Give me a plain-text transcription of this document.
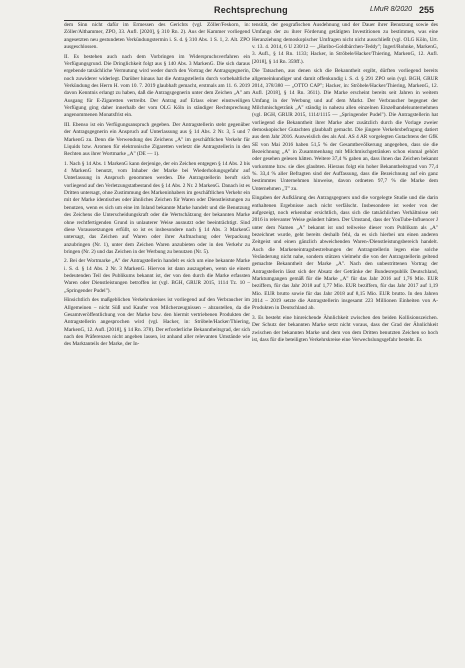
Rechtsprechung	LMuR 8/2020 255

dem Sinn nicht dafür im Ermessen des Gerichts (vgl. Zöller/Feskorn, in: Zöller/Althammer, ZPO, 33. Aufl. [2020], § 310 Rn. 2). Aus der Kammer vorliegend angesetzten neu gestundeten Verkündungstermin i. S. d. § 310 Abs. 1 S. 1, 2. Alt. ZPO ausgeschlossen.

II. Es bestehen auch nach dem Vorbringen im Widerspruchsverfahren ein Verfügungsgrund. Die Dringlichkeit folgt aus § 140 Abs. 3 MarkenG. Die sich daraus ergebende tatsächliche Vermutung wird weder durch den Vortrag der Antragsgegnerin, noch zuwiderer widerlegt. Darüber hinaus hat die Antragstellerin durch vorbehaltliche Verkündung des Herrn H. vom 10. 7. 2019 glaubhaft gemacht, erstmals am 11. 6. 2019 davon Kenntnis erlangt zu haben, daß die Antragsgegnerin unter dem Zeichen „A" am Ausgang für E-Zigaretten vertreibt. Der Antrag auf Erlass einer einstweiligen Verfügung ging daher innerhalb der vom OLG Köln in ständiger Rechtsprechung angenommenen Monatsfrist ein.

III. Ebenso ist ein Verfügungsanspruch gegeben. Der Antragstellerin steht gegenüber der Antragsgegnerin ein Anspruch auf Unterlassung aus § 14 Abs. 2 Nr. 3, 5 und 7 MarkenG zu. Denn die Verwendung des Zeichens „A" im geschäftlichen Verkehr für Liquids bzw. Aromen für elektronische Zigaretten verletzt die Antragstellerin in den Rechten aus ihrer Wortmarke „A" (DE — 1).

1. Nach § 14 Abs. 1 MarkenG kann derjenige, der ein Zeichen entgegen § 14 Abs. 2 bis 4 MarkenG benutzt, vom Inhaber der Marke bei Wiederholungsgefahr auf Unterlassung in Anspruch genommen werden. Die Antragstellerin beruft sich vorliegend auf den Verletzungstatbestand des § 14 Abs. 2 Nr. 2 MarkenG. Danach ist es Dritten untersagt, ohne Zustimmung des Markeninhabers im geschäftlichen Verkehr ein mit der Marke identisches oder ähnliches Zeichen für Waren oder Dienstleistungen zu benutzen, wenn es sich um eine im Inland bekannte Marke handelt und die Benutzung des Zeichens die Unterscheidungskraft oder die Wertschätzung der bekannten Marke ohne rechtfertigenden Grund in unlauterer Weise ausnutzt oder beeinträchtigt. Sind diese Voraussetzungen erfüllt, so ist es insbesondere nach § 14 Abs. 3 MarkenG untersagt, das Zeichen auf Waren oder ihrer Aufmachung oder Verpackung anzubringen (Nr. 1), unter dem Zeichen Waren anzubieten oder in den Verkehr zu bringen (Nr. 2) und das Zeichen in der Werbung zu benutzen (Nr. 5).

2. Bei der Wortmarke „A" der Antragstellerin handelt es sich um eine bekannte Marke i. S. d. § 14 Abs. 2 Nr. 3 MarkenG. Hiervon ist dann auszugehen, wenn sie einem bedeutenden Teil des Publikums bekannt ist, der von den durch die Marke erfassten Waren oder Dienstleistungen betroffen ist (vgl. BGH, GRUR 2015, 1114 Tz. 10 – „Springender Pudel").

Hinsichtlich des maßgeblichen Verkehrskreises ist vorliegend auf den Verbraucher im Allgemeinen – nicht Süß und Kaufer von Milcherzeugnissen – abzustellen, da die Gesamtveröffentlichung von der Marke bzw. den hiermit vertriebenen Produkten der Antragstellerin angesprochen wird (vgl. Hacker, in: Ströbele/Hacker/Thiering, MarkenG, 12. Aufl. [2018], § 14 Rn. 378). Der erforderliche Bekanntheitsgrad, der sich nach den Präferenzen nicht angeben lassen, ist anhand aller relevanten Umstände wie des Marktanteils der Marke, der In-

tensität, der geografischen Ausdehnung und der Dauer ihrer Benutzung sowie des Umfangs der zu ihrer Förderung getätigten Investitionen zu bestimmen, was eine Heranziehung demoskopischer Umfragen nicht nicht ausschließt (vgl. OLG Köln, Urt. v. 13. 4. 2014, 6 U 230/12 — „Haribo-Goldbärchen-Teddy"; Ingerl/Rohnke, MarkenG, 3. Aufl., § 14 Rn. 1133; Hacker, in Ströbele/Hacker/Thiering, MarkenG, 12. Aufl. [2018], § 14 Rn. 359ff.).

Die Tatsachen, aus denen sich die Bekanntheit ergibt, dürften vorliegend bereits allgemeinkundiger und damit offenkundig i. S. d. § 291 ZPO sein (vgl. BGH, GRUR 2014, 378/380 — „OTTO CAP"; Hacker, in: Ströbele/Hacker/Thiering, MarkenG, 12. Aufl. [2018], § 14 Rn. 3611). Die Marke erscheint bereits seit Jahren in weitem Umfang in der Werbung und auf dem Markt. Der Verbraucher begegnet der Milchmischgetränk „A" ständig in nahezu allen einzelnen Einzelhandelsunternehmen (vgl. BGH, GRUR 2015, 1114/1115 — „Springender Pudel"). Die Antragstellerin hat vorliegend die Bekanntheit ihrer Marke aber zusätzlich durch die Vorlage zweier demoskopischer Gutachten glaubhaft gemacht. Die jüngere Verkehrsbefragung datiert aus dem Jahr 2016. Ausweislich des als Anl. AS 4 AR vorgelegten Gutachtens der GfK SE von Mai 2016 haben 51,5 % der Gesamtbevölkerung angegeben, dass sie die Bezeichnung „A" in Zusammenhang mit Milchmischgetränken schon einmal gehört oder gesehen gelesen hätten. Weitere 37,4 % gaben an, dass ihnen das Zeichen bekannt vorkomme bzw. sie dies glaubten. Hieraus folgt ein hoher Bekanntheitsgrad von 77,4 %. 33,4 % aller Befragten sind der Auffassung, dass die Bezeichnung auf ein ganz bestimmtes Unternehmen hinweise, davon ordneten 97,7 % die Marke dem Unternehmen „T" zu.

Eingaben der Aufklärung des Antragsgegners und die vorgelegte Studie und die darin enthaltenen Ergebnisse auch nicht verfälscht. Insbesondere ist weder von der aufgezeigt, noch erkennbar ersichtlich, dass sich die tatsächlichen Verhältnisse seit 2016 in relevanter Weise geändert hätten. Der Umstand, dass der YouTube-Influencer J unter dem Namen „A" bekannt ist und teilweise dieser vom Publikum als „A" bezeichnet wurde, geht bereits deshalb fehl, da es sich hierbei um einen anderen Zeitgeist und einen gänzlich abweichenden Waren-/Dienstleistungsbereich handelt. Auch die Markeneintragsbestrebungen der Antragstellerin legen eine solche Veränderung nicht nahe, sondern stützen vielmehr die von der Antragstellerin geltend gemachte Bekanntheit der Marke „A". Nach den unbestrittenen Vortrag der Antragstellerin lässt sich der Absatz der Getränke der Bundesrepublik Deutschland, Marktumgangen gemäß für die Marke „A" für das Jahr 2016 auf 1,76 Mio. EUR beziffern, für das Jahr 2018 auf 1,77 Mio. EUR beziffern, für das Jahr 2017 auf 1,19 Mio. EUR brutto sowie für das Jahr 2018 auf 8,15 Mio. EUR brutto. In den Jahren 2014 – 2019 setzte die Antragstellerin insgesamt 223 Millionen Einheiten von A-Produkten in Deutschland ab.

3. Es besteht eine hinreichende Ähnlichkeit zwischen den beiden Kollisionszeichen. Der Schutz der bekannten Marke setzt nicht voraus, dass der Grad der Ähnlichkeit zwischen der bekannten Marke und dem von dem Dritten benutzten Zeichen so hoch ist, dass für die beteiligten Verkehrskreise eine Verwechslungsgefahr besteht. Es
